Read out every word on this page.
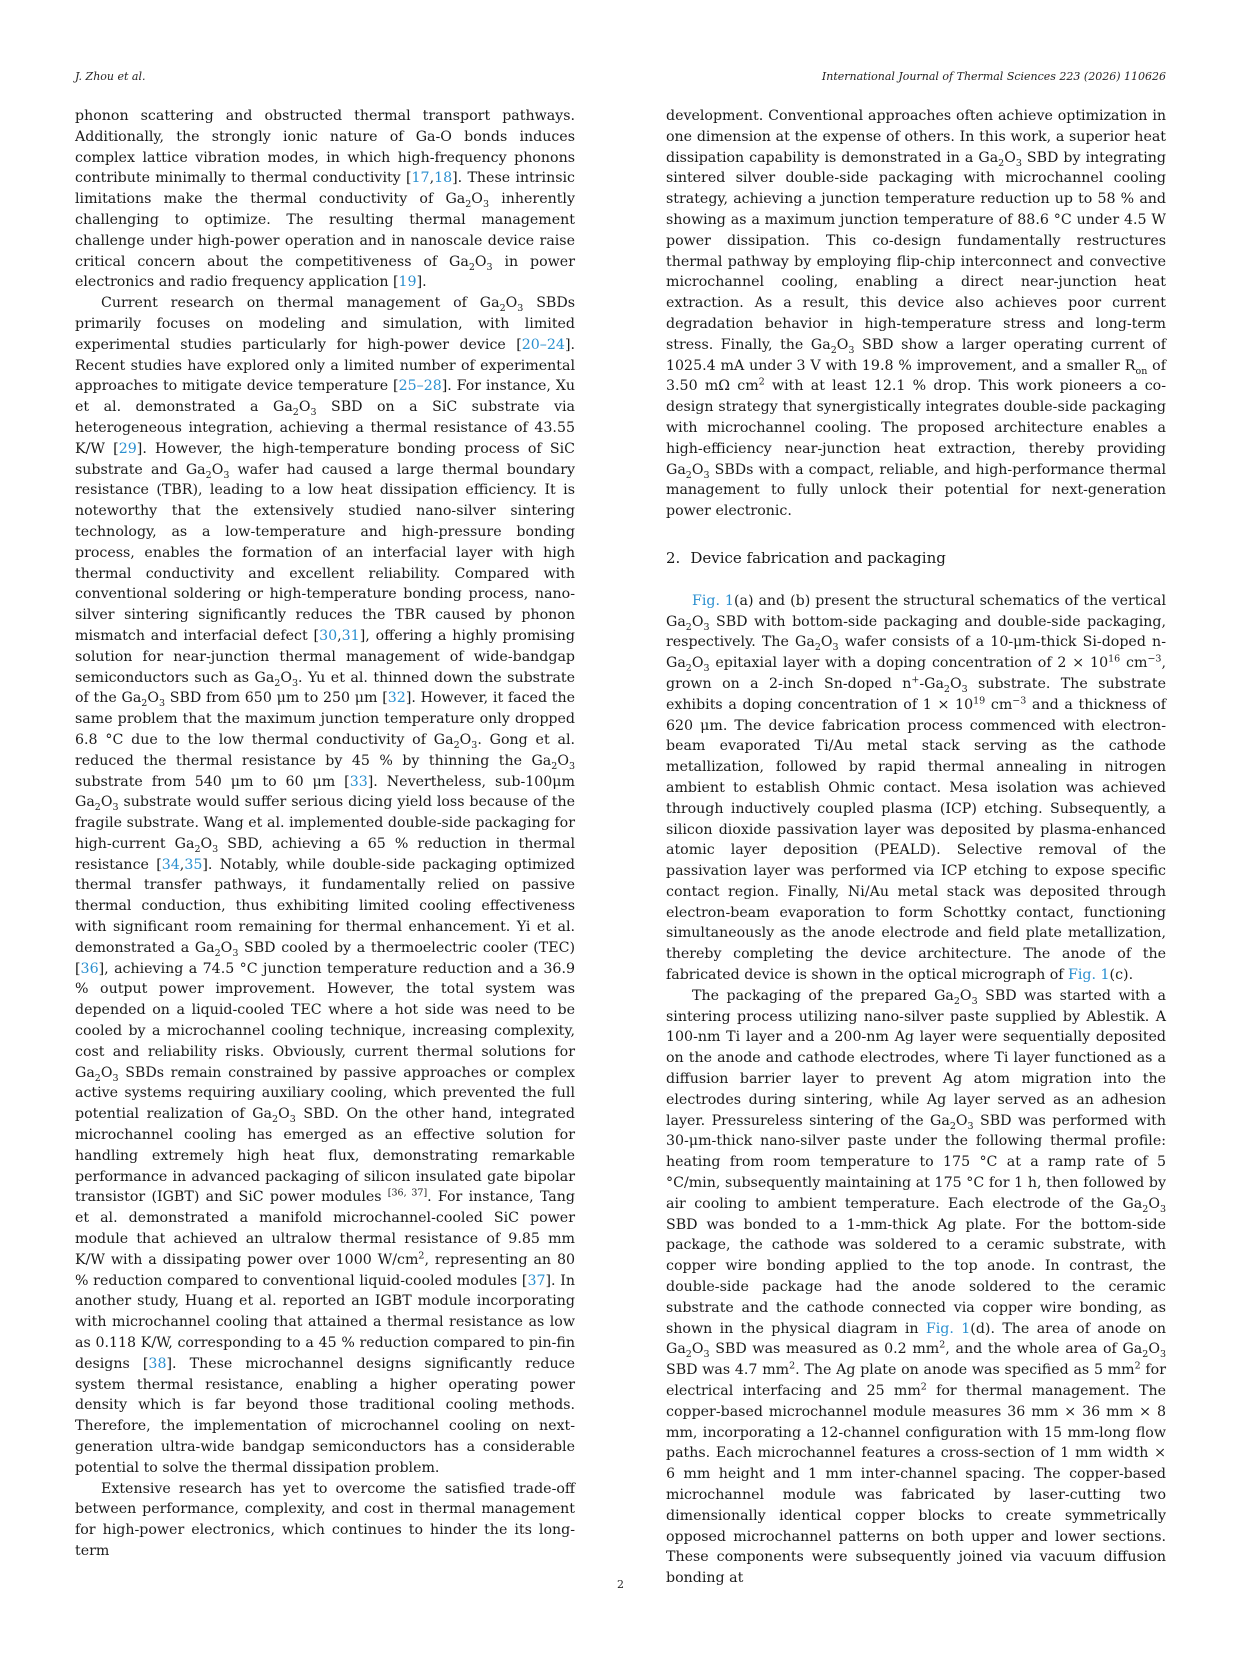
J. Zhou et al.	International Journal of Thermal Sciences 223 (2026) 110626

phonon scattering and obstructed thermal transport pathways. Additionally, the strongly ionic nature of Ga-O bonds induces complex lattice vibration modes, in which high-frequency phonons contribute minimally to thermal conductivity [17,18]. These intrinsic limitations make the thermal conductivity of $Ga_2O_3$ inherently challenging to optimize. The resulting thermal management challenge under high-power operation and in nanoscale device raise critical concern about the competitiveness of $Ga_2O_3$ in power electronics and radio frequency application [19].

Current research on thermal management of $Ga_2O_3$ SBDs primarily focuses on modeling and simulation, with limited experimental studies particularly for high-power device [20–24]. Recent studies have explored only a limited number of experimental approaches to mitigate device temperature [25–28]. For instance, Xu et al. demonstrated a $Ga_2O_3$ SBD on a SiC substrate via heterogeneous integration, achieving a thermal resistance of 43.55 K/W [29]. However, the high-temperature bonding process of SiC substrate and $Ga_2O_3$ wafer had caused a large thermal boundary resistance (TBR), leading to a low heat dissipation efficiency. It is noteworthy that the extensively studied nano-silver sintering technology, as a low-temperature and high-pressure bonding process, enables the formation of an interfacial layer with high thermal conductivity and excellent reliability. Compared with conventional soldering or high-temperature bonding process, nano-silver sintering significantly reduces the TBR caused by phonon mismatch and interfacial defect [30,31], offering a highly promising solution for near-junction thermal management of wide-bandgap semiconductors such as $Ga_2O_3$. Yu et al. thinned down the substrate of the $Ga_2O_3$ SBD from 650 μm to 250 μm [32]. However, it faced the same problem that the maximum junction temperature only dropped 6.8 °C due to the low thermal conductivity of $Ga_2O_3$. Gong et al. reduced the thermal resistance by 45 % by thinning the $Ga_2O_3$ substrate from 540 μm to 60 μm [33]. Nevertheless, sub-100μm $Ga_2O_3$ substrate would suffer serious dicing yield loss because of the fragile substrate. Wang et al. implemented double-side packaging for high-current $Ga_2O_3$ SBD, achieving a 65 % reduction in thermal resistance [34,35]. Notably, while double-side packaging optimized thermal transfer pathways, it fundamentally relied on passive thermal conduction, thus exhibiting limited cooling effectiveness with significant room remaining for thermal enhancement. Yi et al. demonstrated a $Ga_2O_3$ SBD cooled by a thermoelectric cooler (TEC) [36], achieving a 74.5 °C junction temperature reduction and a 36.9 % output power improvement. However, the total system was depended on a liquid-cooled TEC where a hot side was need to be cooled by a microchannel cooling technique, increasing complexity, cost and reliability risks. Obviously, current thermal solutions for $Ga_2O_3$ SBDs remain constrained by passive approaches or complex active systems requiring auxiliary cooling, which prevented the full potential realization of $Ga_2O_3$ SBD. On the other hand, integrated microchannel cooling has emerged as an effective solution for handling extremely high heat flux, demonstrating remarkable performance in advanced packaging of silicon insulated gate bipolar transistor (IGBT) and SiC power modules [36, 37]. For instance, Tang et al. demonstrated a manifold microchannel-cooled SiC power module that achieved an ultralow thermal resistance of 9.85 mm K/W with a dissipating power over 1000 $W/cm^2$, representing an 80 % reduction compared to conventional liquid-cooled modules [37]. In another study, Huang et al. reported an IGBT module incorporating with microchannel cooling that attained a thermal resistance as low as 0.118 K/W, corresponding to a 45 % reduction compared to pin-fin designs [38]. These microchannel designs significantly reduce system thermal resistance, enabling a higher operating power density which is far beyond those traditional cooling methods. Therefore, the implementation of microchannel cooling on next-generation ultra-wide bandgap semiconductors has a considerable potential to solve the thermal dissipation problem.

Extensive research has yet to overcome the satisfied trade-off between performance, complexity, and cost in thermal management for high-power electronics, which continues to hinder the its long-term

development. Conventional approaches often achieve optimization in one dimension at the expense of others. In this work, a superior heat dissipation capability is demonstrated in a $Ga_2O_3$ SBD by integrating sintered silver double-side packaging with microchannel cooling strategy, achieving a junction temperature reduction up to 58 % and showing as a maximum junction temperature of 88.6 °C under 4.5 W power dissipation. This co-design fundamentally restructures thermal pathway by employing flip-chip interconnect and convective microchannel cooling, enabling a direct near-junction heat extraction. As a result, this device also achieves poor current degradation behavior in high-temperature stress and long-term stress. Finally, the $Ga_2O_3$ SBD show a larger operating current of 1025.4 mA under 3 V with 19.8 % improvement, and a smaller $R_{on}$ of 3.50 mΩ $cm^2$ with at least 12.1 % drop. This work pioneers a co-design strategy that synergistically integrates double-side packaging with microchannel cooling. The proposed architecture enables a high-efficiency near-junction heat extraction, thereby providing $Ga_2O_3$ SBDs with a compact, reliable, and high-performance thermal management to fully unlock their potential for next-generation power electronic.

2. Device fabrication and packaging

Fig. 1(a) and (b) present the structural schematics of the vertical $Ga_2O_3$ SBD with bottom-side packaging and double-side packaging, respectively. The $Ga_2O_3$ wafer consists of a 10-μm-thick Si-doped $n-Ga_2O_3$ epitaxial layer with a doping concentration of $2 \times 10^{16}$ $cm^{-3}$, grown on a 2-inch Sn-doped $n^+-Ga_2O_3$ substrate. The substrate exhibits a doping concentration of $1 \times 10^{19}$ $cm^{-3}$ and a thickness of 620 μm. The device fabrication process commenced with electron-beam evaporated Ti/Au metal stack serving as the cathode metallization, followed by rapid thermal annealing in nitrogen ambient to establish Ohmic contact. Mesa isolation was achieved through inductively coupled plasma (ICP) etching. Subsequently, a silicon dioxide passivation layer was deposited by plasma-enhanced atomic layer deposition (PEALD). Selective removal of the passivation layer was performed via ICP etching to expose specific contact region. Finally, Ni/Au metal stack was deposited through electron-beam evaporation to form Schottky contact, functioning simultaneously as the anode electrode and field plate metallization, thereby completing the device architecture. The anode of the fabricated device is shown in the optical micrograph of Fig. 1(c).

The packaging of the prepared $Ga_2O_3$ SBD was started with a sintering process utilizing nano-silver paste supplied by Ablestik. A 100-nm Ti layer and a 200-nm Ag layer were sequentially deposited on the anode and cathode electrodes, where Ti layer functioned as a diffusion barrier layer to prevent Ag atom migration into the electrodes during sintering, while Ag layer served as an adhesion layer. Pressureless sintering of the $Ga_2O_3$ SBD was performed with 30-μm-thick nano-silver paste under the following thermal profile: heating from room temperature to 175 °C at a ramp rate of 5 °C/min, subsequently maintaining at 175 °C for 1 h, then followed by air cooling to ambient temperature. Each electrode of the $Ga_2O_3$ SBD was bonded to a 1-mm-thick Ag plate. For the bottom-side package, the cathode was soldered to a ceramic substrate, with copper wire bonding applied to the top anode. In contrast, the double-side package had the anode soldered to the ceramic substrate and the cathode connected via copper wire bonding, as shown in the physical diagram in Fig. 1(d). The area of anode on $Ga_2O_3$ SBD was measured as 0.2 $mm^2$, and the whole area of $Ga_2O_3$ SBD was 4.7 $mm^2$. The Ag plate on anode was specified as 5 $mm^2$ for electrical interfacing and 25 $mm^2$ for thermal management. The copper-based microchannel module measures 36 mm × 36 mm × 8 mm, incorporating a 12-channel configuration with 15 mm-long flow paths. Each microchannel features a cross-section of 1 mm width × 6 mm height and 1 mm inter-channel spacing. The copper-based microchannel module was fabricated by laser-cutting two dimensionally identical copper blocks to create symmetrically opposed microchannel patterns on both upper and lower sections. These components were subsequently joined via vacuum diffusion bonding at

2
